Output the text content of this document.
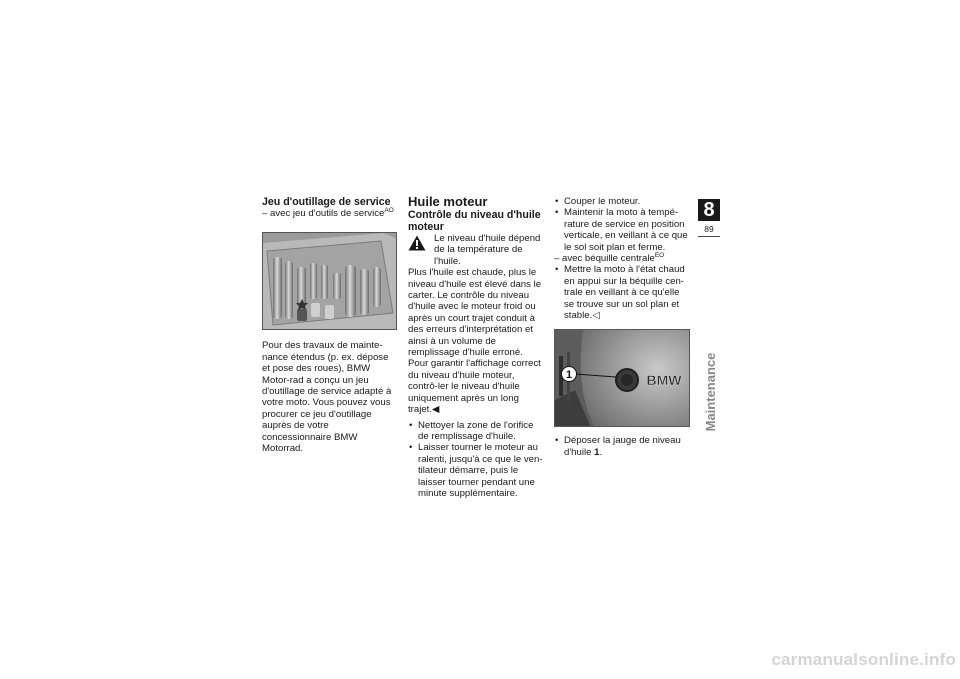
Jeu d'outillage de service

– avec jeu d'outils de service$^{AO}$

Pour des travaux de mainte-nance étendus (p. ex. dépose et pose des roues), BMW Motor-rad a conçu un jeu d'outillage de service adapté à votre moto. Vous pouvez vous procurer ce jeu d'outillage auprès de votre concessionnaire BMW Motorrad.

Huile moteur

Contrôle du niveau d'huile moteur

Le niveau d'huile dépend de la température de l'huile.

Plus l'huile est chaude, plus le niveau d'huile est élevé dans le carter. Le contrôle du niveau d'huile avec le moteur froid ou après un court trajet conduit à des erreurs d'interprétation et ainsi à un volume de remplissage d'huile erroné.

Pour garantir l'affichage correct du niveau d'huile moteur, contrô-ler le niveau d'huile uniquement après un long trajet.◀

• Nettoyer la zone de l'orifice de remplissage d'huile.

• Laisser tourner le moteur au ralenti, jusqu'à ce que le ven-tilateur démarre, puis le laisser tourner pendant une minute supplémentaire.

• Couper le moteur.

• Maintenir la moto à tempé-rature de service en position verticale, en veillant à ce que le sol soit plan et ferme.

– avec béquille centrale$^{EO}$

• Mettre la moto à l'état chaud en appui sur la béquille cen-trale en veillant à ce qu'elle se trouve sur un sol plan et stable.◁

1	BMW

• Déposer la jauge de niveau d'huile 1.

8
89
Maintenance
carmanualsonline.info
